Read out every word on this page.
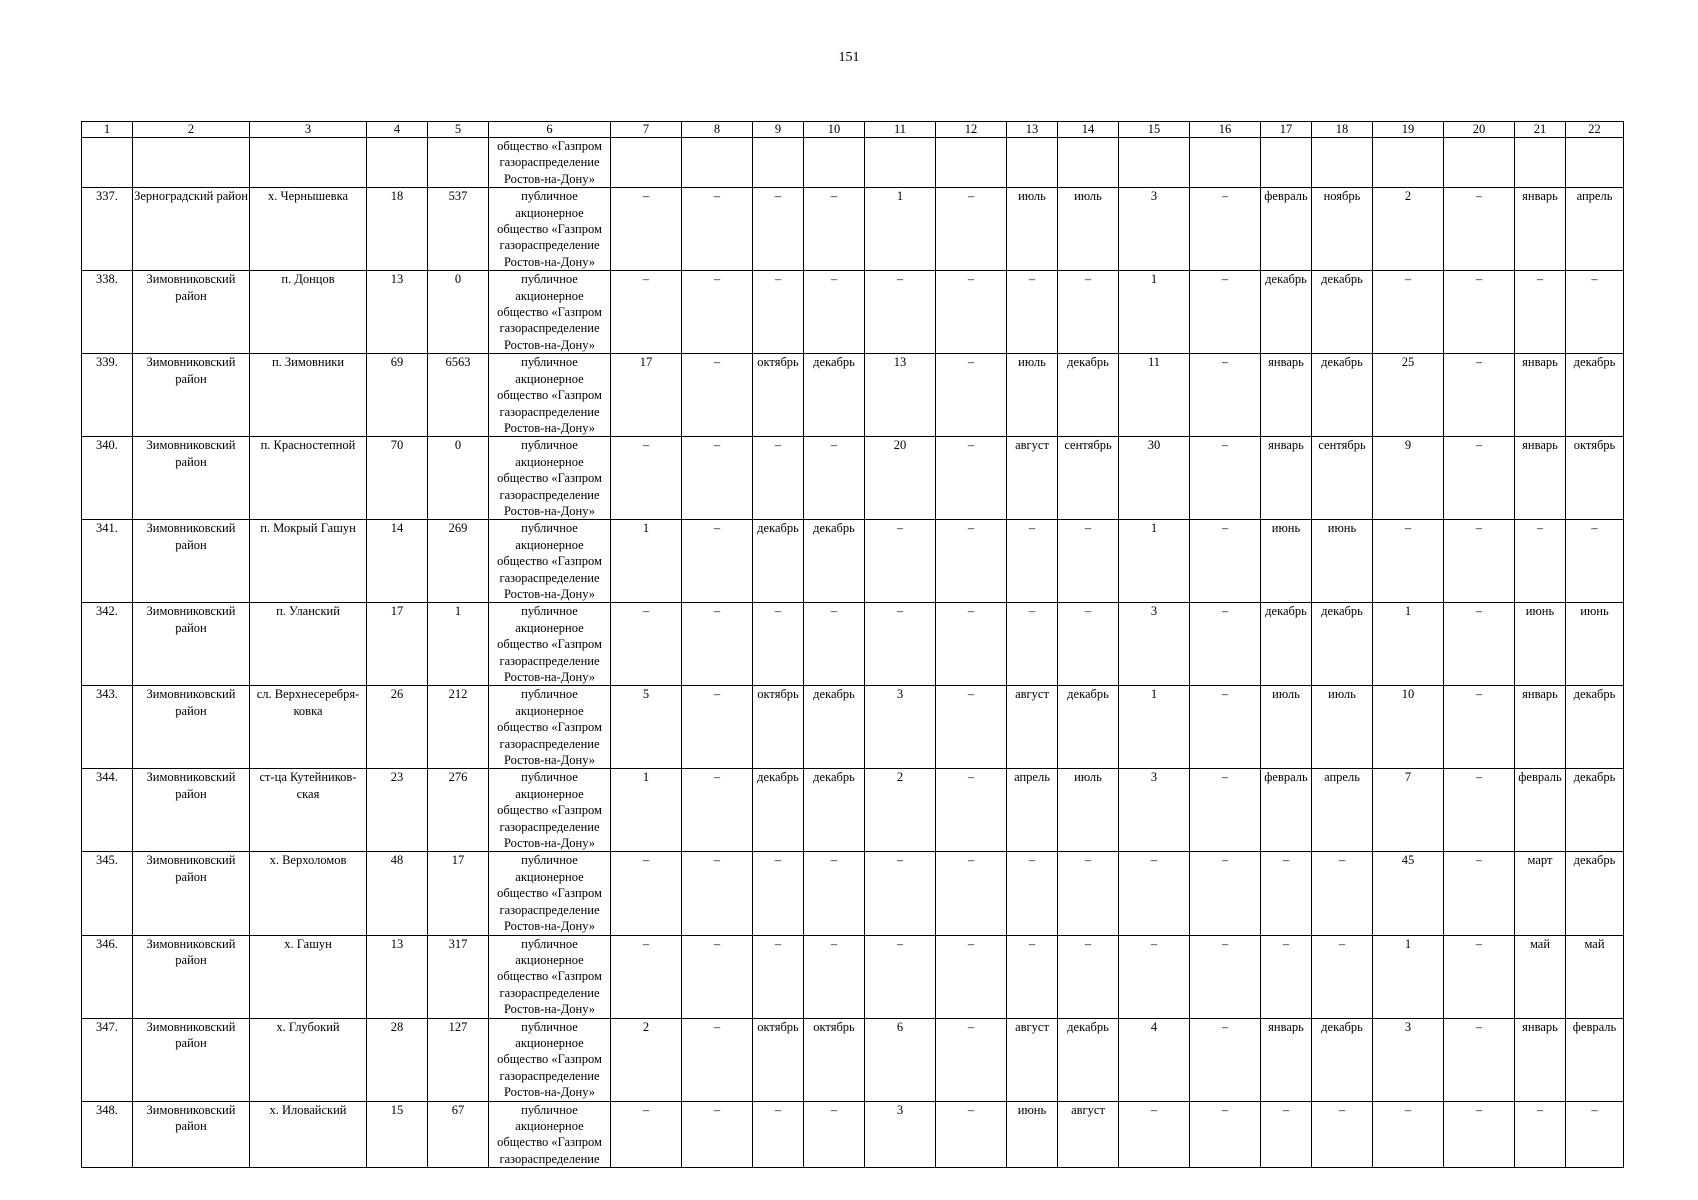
151
1	2	3	4	5	6	7	8	9	10	11	12	13	14	15	16	17	18	19	20	21	22
					общество «Газпром
газораспределение
Ростов-на-Дону»																
337.	Зерноградский район	х. Чернышевка	18	537	публичное
акционерное
общество «Газпром
газораспределение
Ростов-на-Дону»	–	–	–	–	1	–	июль	июль	3	–	февраль	ноябрь	2	–	январь	апрель
338.	Зимовниковский район	п. Донцов	13	0	публичное
акционерное
общество «Газпром
газораспределение
Ростов-на-Дону»	–	–	–	–	–	–	–	–	1	–	декабрь	декабрь	–	–	–	–
339.	Зимовниковский район	п. Зимовники	69	6563	публичное
акционерное
общество «Газпром
газораспределение
Ростов-на-Дону»	17	–	октябрь	декабрь	13	–	июль	декабрь	11	–	январь	декабрь	25	–	январь	декабрь
340.	Зимовниковский район	п. Красностепной	70	0	публичное
акционерное
общество «Газпром
газораспределение
Ростов-на-Дону»	–	–	–	–	20	–	август	сентябрь	30	–	январь	сентябрь	9	–	январь	октябрь
341.	Зимовниковский район	п. Мокрый Гашун	14	269	публичное
акционерное
общество «Газпром
газораспределение
Ростов-на-Дону»	1	–	декабрь	декабрь	–	–	–	–	1	–	июнь	июнь	–	–	–	–
342.	Зимовниковский район	п. Уланский	17	1	публичное
акционерное
общество «Газпром
газораспределение
Ростов-на-Дону»	–	–	–	–	–	–	–	–	3	–	декабрь	декабрь	1	–	июнь	июнь
343.	Зимовниковский район	сл. Верхнесеребря-ковка	26	212	публичное
акционерное
общество «Газпром
газораспределение
Ростов-на-Дону»	5	–	октябрь	декабрь	3	–	август	декабрь	1	–	июль	июль	10	–	январь	декабрь
344.	Зимовниковский район	ст-ца Кутейников-ская	23	276	публичное
акционерное
общество «Газпром
газораспределение
Ростов-на-Дону»	1	–	декабрь	декабрь	2	–	апрель	июль	3	–	февраль	апрель	7	–	февраль	декабрь
345.	Зимовниковский район	х. Верхоломов	48	17	публичное
акционерное
общество «Газпром
газораспределение
Ростов-на-Дону»	–	–	–	–	–	–	–	–	–	–	–	–	45	–	март	декабрь
346.	Зимовниковский район	х. Гашун	13	317	публичное
акционерное
общество «Газпром
газораспределение
Ростов-на-Дону»	–	–	–	–	–	–	–	–	–	–	–	–	1	–	май	май
347.	Зимовниковский район	х. Глубокий	28	127	публичное
акционерное
общество «Газпром
газораспределение
Ростов-на-Дону»	2	–	октябрь	октябрь	6	–	август	декабрь	4	–	январь	декабрь	3	–	январь	февраль
348.	Зимовниковский район	х. Иловайский	15	67	публичное
акционерное
общество «Газпром
газораспределение	–	–	–	–	3	–	июнь	август	–	–	–	–	–	–	–	–
